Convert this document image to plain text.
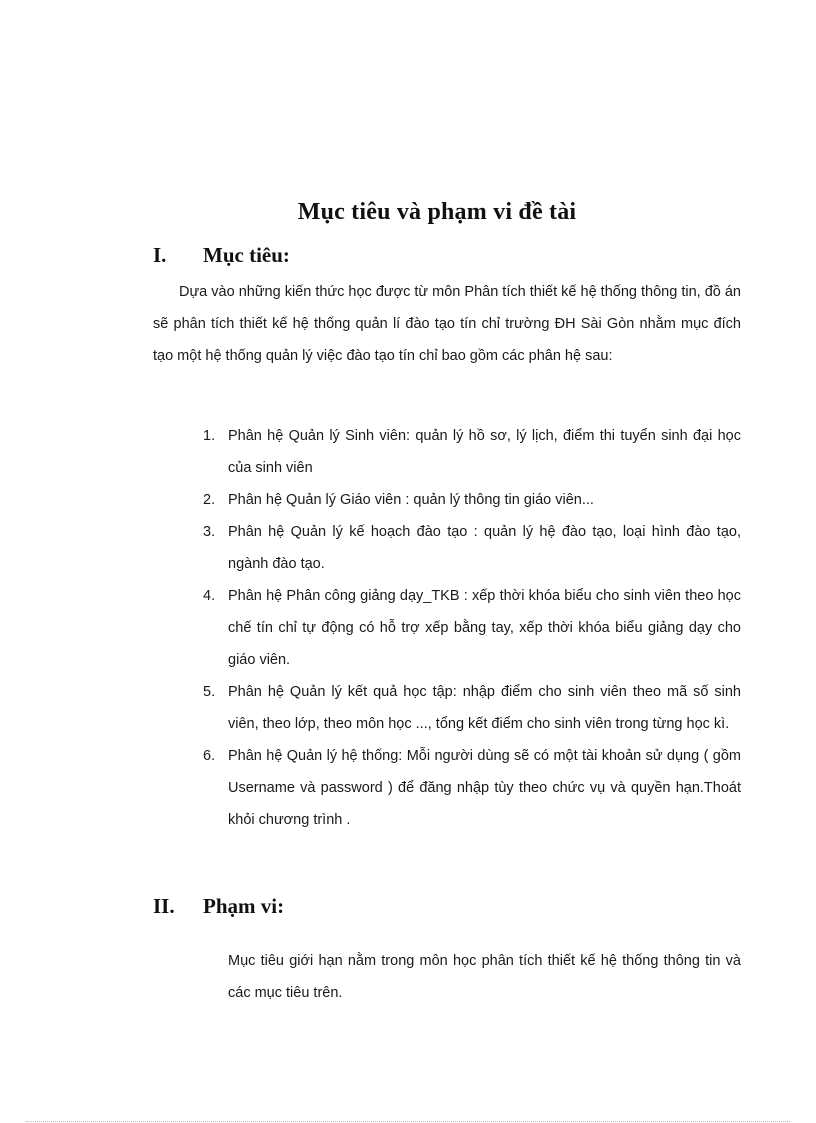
Mục tiêu và phạm vi đề tài
I. Mục tiêu:
Dựa vào những kiến thức học được từ môn Phân tích thiết kế hệ thống thông tin, đồ án sẽ phân tích thiết kế hệ thống quản lí đào tạo tín chỉ trường ĐH Sài Gòn nhằm mục đích tạo một hệ thống quản lý việc đào tạo tín chỉ bao gồm các phân hệ sau:
1. Phân hệ Quản lý Sinh viên: quản lý hồ sơ, lý lịch, điểm thi tuyển sinh đại học của sinh viên
2. Phân hệ Quản lý Giáo viên : quản lý thông tin giáo viên...
3. Phân hệ Quản lý kế hoạch đào tạo : quản lý hệ đào tạo, loại hình đào tạo, ngành đào tạo.
4. Phân hệ Phân công giảng dạy_TKB : xếp thời khóa biểu cho sinh viên theo học chế tín chỉ tự động có hỗ trợ xếp bằng tay, xếp thời khóa biểu giảng dạy cho giáo viên.
5. Phân hệ Quản lý kết quả học tập: nhập điểm cho sinh viên theo mã số sinh viên, theo lớp, theo môn học ..., tổng kết điểm cho sinh viên trong từng học kì.
6. Phân hệ Quản lý hệ thống: Mỗi người dùng sẽ có một tài khoản sử dụng ( gồm Username và password ) để đăng nhập tùy theo chức vụ và quyền hạn.Thoát khỏi chương trình .
II. Phạm vi:
Mục tiêu giới hạn nằm trong môn học phân tích thiết kế hệ thống thông tin và các mục tiêu trên.
